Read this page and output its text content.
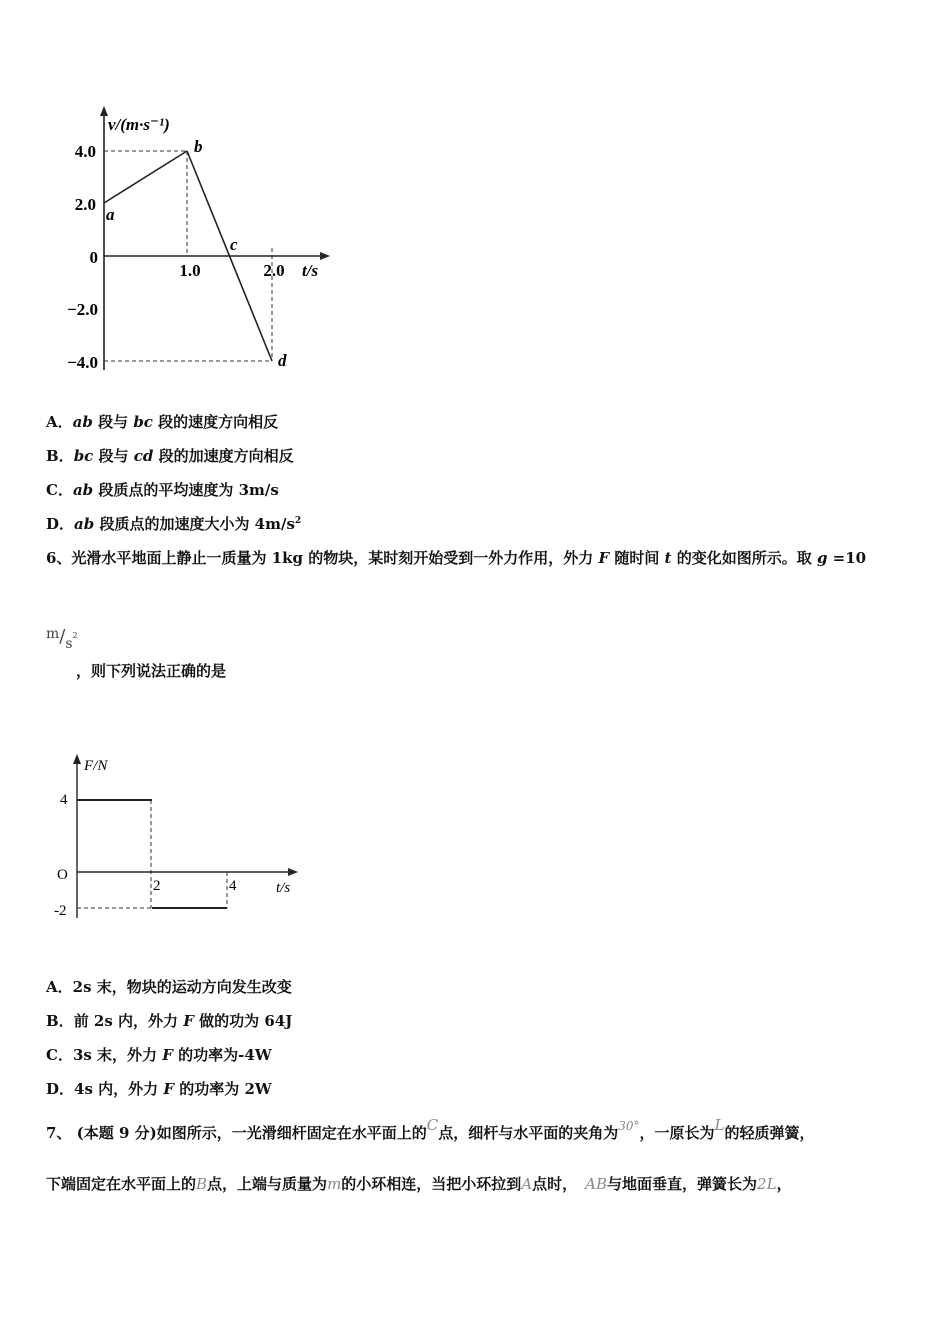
v/(m·s⁻¹)
4.0
2.0
0
−2.0
−4.0
1.0	2.0 t/s
a
b
c
d
A．ab 段与 bc 段的速度方向相反
B．bc 段与 cd 段的加速度方向相反
C．ab 段质点的平均速度为 3m/s
D．ab 段质点的加速度大小为 $4m/s^2$
6、光滑水平地面上静止一质量为 1kg 的物块，某时刻开始受到一外力作用，外力 F 随时间 t 的变化如图所示。取 g =10
$m/s^2$
，则下列说法正确的是
F/N
4
O
-2
2	4	t/s
A．2s 末，物块的运动方向发生改变
B．前 2s 内，外力 F 做的功为 64J
C．3s 末，外力 F 的功率为-4W
D．4s 内，外力 F 的功率为 2W
7、 (本题 9 分)如图所示，一光滑细杆固定在水平面上的C点，细杆与水平面的夹角为$^{30^\circ}$，一原长为L的轻质弹簧，
下端固定在水平面上的B点，上端与质量为m的小环相连，当把小环拉到A点时， AB与地面垂直，弹簧长为2L，
